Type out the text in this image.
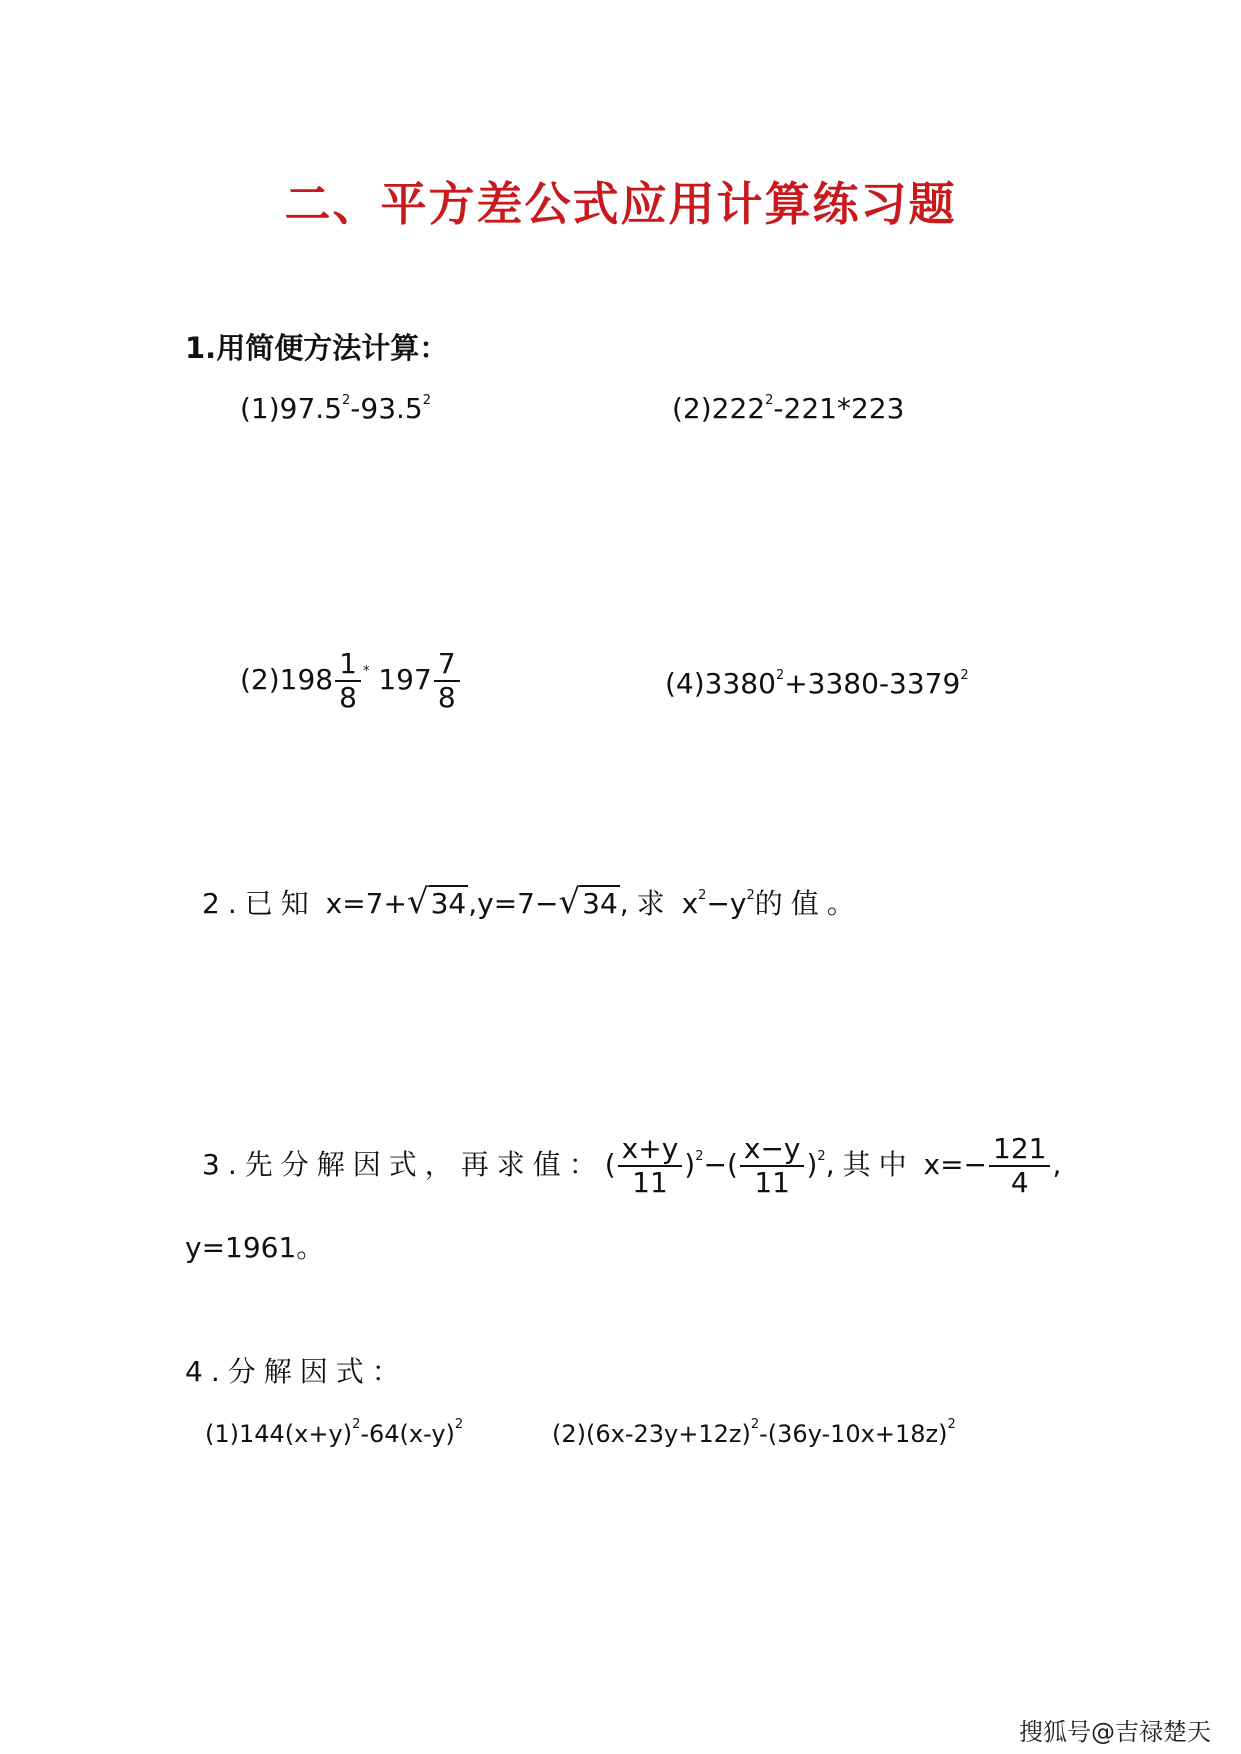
二、平方差公式应用计算练习题
1.用简便方法计算：
(1)97.5$^2$-93.5$^2$	$(2)222^2-221*223$
$(2)198 \frac{1}{8} ^*$ $197 \frac{7}{8}$	$(4)3380^2+3380-3379^2$
2.已知 x=7+√34,y=7−√34,求 $x^2-y^2$的值。
3.先分解因式，再求值：( $\frac{x+y}{11} )^2-( \frac{x-y}{11} )^2$,其中 $x=- \frac{121}{4}$ ,
y=1961。
4.分解因式：
$(1)144(x+y)^2-64(x-y)^2$	$(2)(6x-23y+12z)^2-(36y-10x+18z)^2$
搜狐号@吉禄楚天
